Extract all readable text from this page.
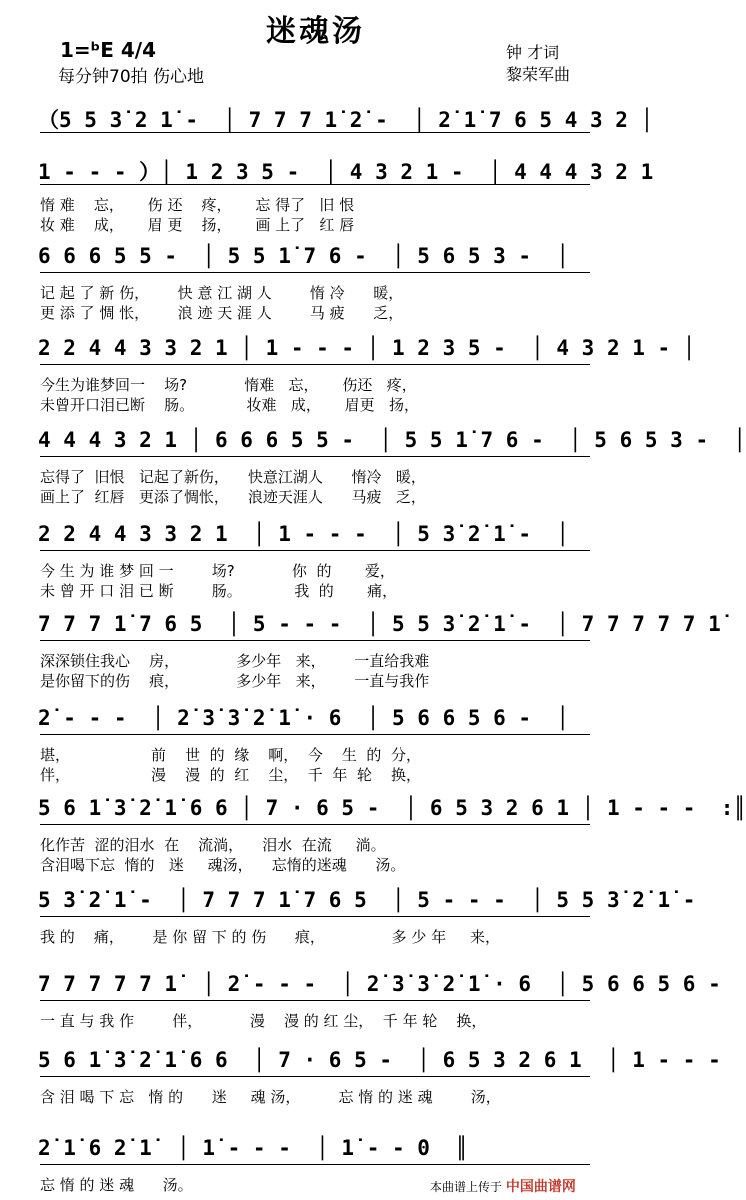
迷魂汤
1=ᵇE 4/4
每分钟70拍 伤心地
钟 才词
黎荣军曲
（5 5 3̇ 2 1̇ -  │ 7 7 7 1̇ 2̇ -  │ 2̇ 1̇ 7 6 5 4 3 2 │
1 - - - ）│ 1 2 3 5 -  │ 4 3 2 1 -  │ 4 4 4 3 2 1
惰 难    忘，     伤 还    疼，     忘 得了   旧 恨
妆 难    成，     眉 更    扬，     画 上了   红 唇
6 6 6 5 5 -  │ 5 5 1̇ 7 6 -  │ 5 6 5 3 -  │
记 起 了 新 伤，      快 意 江 湖 人        惰 冷      暖，
更 添 了 惆 怅，      浪 迹 天 涯 人        马 疲      乏，
2 2 4 4 3 3 2 1 │ 1 - - - │ 1 2 3 5 -  │ 4 3 2 1 - │
今生为谁梦回一    场?            惰难   忘，     伤还   疼，
未曾开口泪已断    肠。           妆难   成，     眉更   扬，
4 4 4 3 2 1 │ 6 6 6 5 5 -  │ 5 5 1̇ 7 6 -  │ 5 6 5 3 -  │
忘得了  旧恨   记起了新伤，    快意江湖人      惰冷   暖，
画上了  红唇   更添了惆怅，    浪迹天涯人      马疲   乏，
2 2 4 4 3 3 2 1  │ 1 - - -  │ 5 3̇ 2̇ 1̇ -  │
今 生 为 谁 梦 回 一        场?            你  的       爱，
未 曾 开 口 泪 已 断        肠。           我  的       痛，
7 7 7 1̇ 7 6 5  │ 5 - - -  │ 5 5 3̇ 2̇ 1̇ -  │ 7 7 7 7 7 1̇
深深锁住我心    房，            多少年   来，      一直给我难
是你留下的伤    痕，            多少年   来，      一直与我作
2̇ - - -  │ 2̇ 3̇ 3̇ 2̇ 1̇ · 6  │ 5 6 6 5 6 -  │
堪，                 前    世  的  缘    啊，  今    生  的  分，
伴，                 漫    漫  的  红    尘，  千  年  轮    换，
5 6 1̇ 3̇ 2̇ 1̇ 6 6 │ 7 · 6 5 -  │ 6 5 3 2 6 1 │ 1 - - -  :║
化作苦  涩的泪水  在    流淌，    泪水  在流     淌。
含泪喝下忘  惰的   迷     魂汤，    忘惰的迷魂      汤。
5 3̇ 2̇ 1̇ -  │ 7 7 7 1̇ 7 6 5  │ 5 - - -  │ 5 5 3̇ 2̇ 1̇ -
我 的    痛，      是 你 留 下 的 伤      痕，              多 少 年     来，
7 7 7 7 7 1̇  │ 2̇ - - -  │ 2̇ 3̇ 3̇ 2̇ 1̇ · 6  │ 5 6 6 5 6 -
一 直 与 我 作        伴，          漫    漫 的 红 尘，  千 年 轮    换，
5 6 1̇ 3̇ 2̇ 1̇ 6 6  │ 7 · 6 5 -  │ 6 5 3 2 6 1  │ 1 - - -
含 泪 喝 下 忘   惰 的      迷     魂 汤，        忘 惰 的 迷 魂        汤，
2̇ 1̇ 6 2̇ 1̇  │ 1̇ - - -  │ 1̇ - - 0  ║
忘 惰 的 迷 魂      汤。	本曲谱上传于 中国曲谱网
